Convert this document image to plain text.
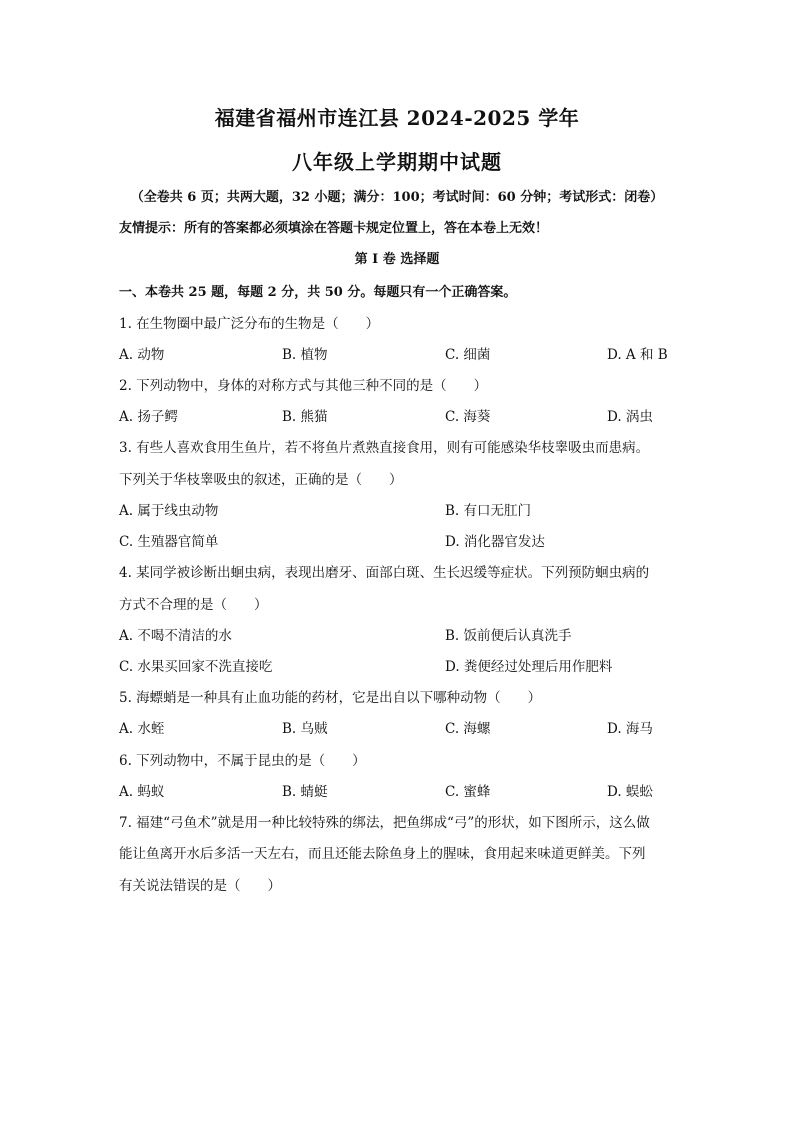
福建省福州市连江县 2024-2025 学年
八年级上学期期中试题
（全卷共 6 页；共两大题，32 小题；满分：100；考试时间：60 分钟；考试形式：闭卷）
友情提示：所有的答案都必须填涂在答题卡规定位置上，答在本卷上无效！
第 I 卷 选择题
一、本卷共 25 题，每题 2 分，共 50 分。每题只有一个正确答案。
1. 在生物圈中最广泛分布的生物是（　　）
A. 动物	B. 植物	C. 细菌	D. A 和 B
2. 下列动物中，身体的对称方式与其他三种不同的是（　　）
A. 扬子鳄	B. 熊猫	C. 海葵	D. 涡虫
3. 有些人喜欢食用生鱼片，若不将鱼片煮熟直接食用，则有可能感染华枝睾吸虫而患病。
下列关于华枝睾吸虫的叙述，正确的是（　　）
A. 属于线虫动物	B. 有口无肛门
C. 生殖器官简单	D. 消化器官发达
4. 某同学被诊断出蛔虫病，表现出磨牙、面部白斑、生长迟缓等症状。下列预防蛔虫病的
方式不合理的是（　　）
A. 不喝不清洁的水	B. 饭前便后认真洗手
C. 水果买回家不洗直接吃	D. 粪便经过处理后用作肥料
5. 海螵蛸是一种具有止血功能的药材，它是出自以下哪种动物（　　）
A. 水蛭	B. 乌贼	C. 海螺	D. 海马
6. 下列动物中，不属于昆虫的是（　　）
A. 蚂蚁	B. 蜻蜓	C. 蜜蜂	D. 蜈蚣
7. 福建“弓鱼术”就是用一种比较特殊的绑法，把鱼绑成“弓”的形状，如下图所示，这么做
能让鱼离开水后多活一天左右，而且还能去除鱼身上的腥味，食用起来味道更鲜美。下列
有关说法错误的是（　　）
